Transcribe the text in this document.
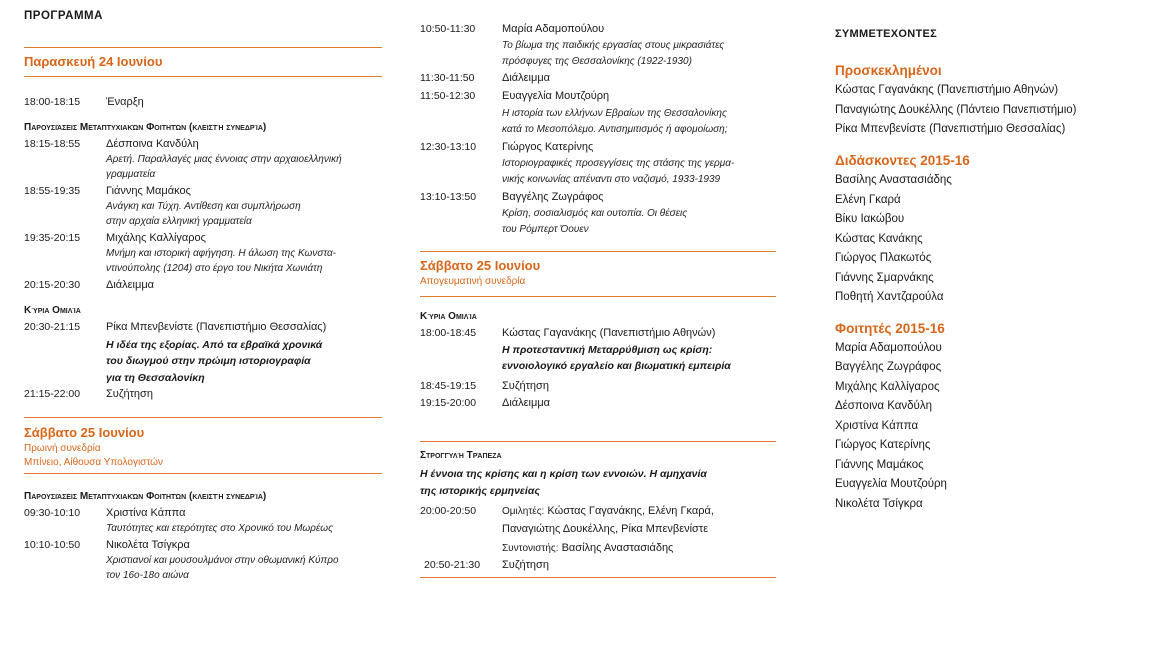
ΠΡΟΓΡΑΜΜΑ
Παρασκευή 24 Ιουνίου
18:00-18:15	Έναρξη
Παρουσιάσεις Μεταπτυχιακών Φοιτητών (κλειστή συνεδρία)
18:15-18:55	Δέσποινα Κανδύλη
Αρετή. Παραλλαγές μιας έννοιας στην αρχαιοελληνική
γραμματεία
18:55-19:35	Γιάννης Μαμάκος
Ανάγκη και Τύχη. Αντίθεση και συμπλήρωση
στην αρχαία ελληνική γραμματεία
19:35-20:15	Μιχάλης Καλλίγαρος
Μνήμη και ιστορική αφήγηση. Η άλωση της Κωνστα-
ντινούπολης (1204) στο έργο του Νικήτα Χωνιάτη
20:15-20:30	Διάλειμμα
Κύρια Ομιλία
20:30-21:15	Ρίκα Μπενβενίστε (Πανεπιστήμιο Θεσσαλίας)
Η ιδέα της εξορίας. Από τα εβραϊκά χρονικά
του διωγμού στην πρώιμη ιστοριογραφία
για τη Θεσσαλονίκη
21:15-22:00	Συζήτηση
Σάββατο 25 Ιουνίου
Πρωινή συνεδρία
Μπίνειο, Αίθουσα Υπολογιστών
Παρουσιάσεις Μεταπτυχιακών Φοιτητών (κλειστή συνεδρία)
09:30-10:10	Χριστίνα Κάππα
Ταυτότητες και ετερότητες στο Χρονικό του Μωρέως
10:10-10:50	Νικολέτα Τσίγκρα
Χριστιανοί και μουσουλμάνοι στην οθωμανική Κύπρο
τον 16ο-18ο αιώνα
10:50-11:30	Μαρία Αδαμοπούλου
Το βίωμα της παιδικής εργασίας στους μικρασιάτες
πρόσφυγες της Θεσσαλονίκης (1922-1930)
11:30-11:50	Διάλειμμα
11:50-12:30	Ευαγγελία Μουτζούρη
Η ιστορία των ελλήνων Εβραίων της Θεσσαλονίκης
κατά το Μεσοπόλεμο. Αντισημιτισμός ή αφομοίωση;
12:30-13:10	Γιώργος Κατερίνης
Ιστοριογραφικές προσεγγίσεις της στάσης της γερμα-
νικής κοινωνίας απέναντι στο ναζισμό, 1933-1939
13:10-13:50	Βαγγέλης Ζωγράφος
Κρίση, σοσιαλισμός και ουτοπία. Οι θέσεις
του Ρόμπερτ Όουεν
Σάββατο 25 Ιουνίου
Απογευματινή συνεδρία
Κύρια Ομιλία
18:00-18:45	Κώστας Γαγανάκης (Πανεπιστήμιο Αθηνών)
Η προτεσταντική Μεταρρύθμιση ως κρίση:
εννοιολογικό εργαλείο και βιωματική εμπειρία
18:45-19:15	Συζήτηση
19:15-20:00	Διάλειμμα
Στρογγυλή Τράπεζα
Η έννοια της κρίσης και η κρίση των εννοιών. Η αμηχανία
της ιστορικής ερμηνείας
20:00-20:50	Ομιλητές: Κώστας Γαγανάκης, Ελένη Γκαρά,
Παναγιώτης Δουκέλλης, Ρίκα Μπενβενίστε
Συντονιστής: Βασίλης Αναστασιάδης
20:50-21:30	Συζήτηση
ΣΥΜΜΕΤΕΧΟΝΤΕΣ
Προσκεκλημένοι
Κώστας Γαγανάκης (Πανεπιστήμιο Αθηνών)
Παναγιώτης Δουκέλλης (Πάντειο Πανεπιστήμιο)
Ρίκα Μπενβενίστε (Πανεπιστήμιο Θεσσαλίας)
Διδάσκοντες 2015-16
Βασίλης Αναστασιάδης
Ελένη Γκαρά
Βίκυ Ιακώβου
Κώστας Κανάκης
Γιώργος Πλακωτός
Γιάννης Σμαρνάκης
Ποθητή Χαντζαρούλα
Φοιτητές 2015-16
Μαρία Αδαμοπούλου
Βαγγέλης Ζωγράφος
Μιχάλης Καλλίγαρος
Δέσποινα Κανδύλη
Χριστίνα Κάππα
Γιώργος Κατερίνης
Γιάννης Μαμάκος
Ευαγγελία Μουτζούρη
Νικολέτα Τσίγκρα
